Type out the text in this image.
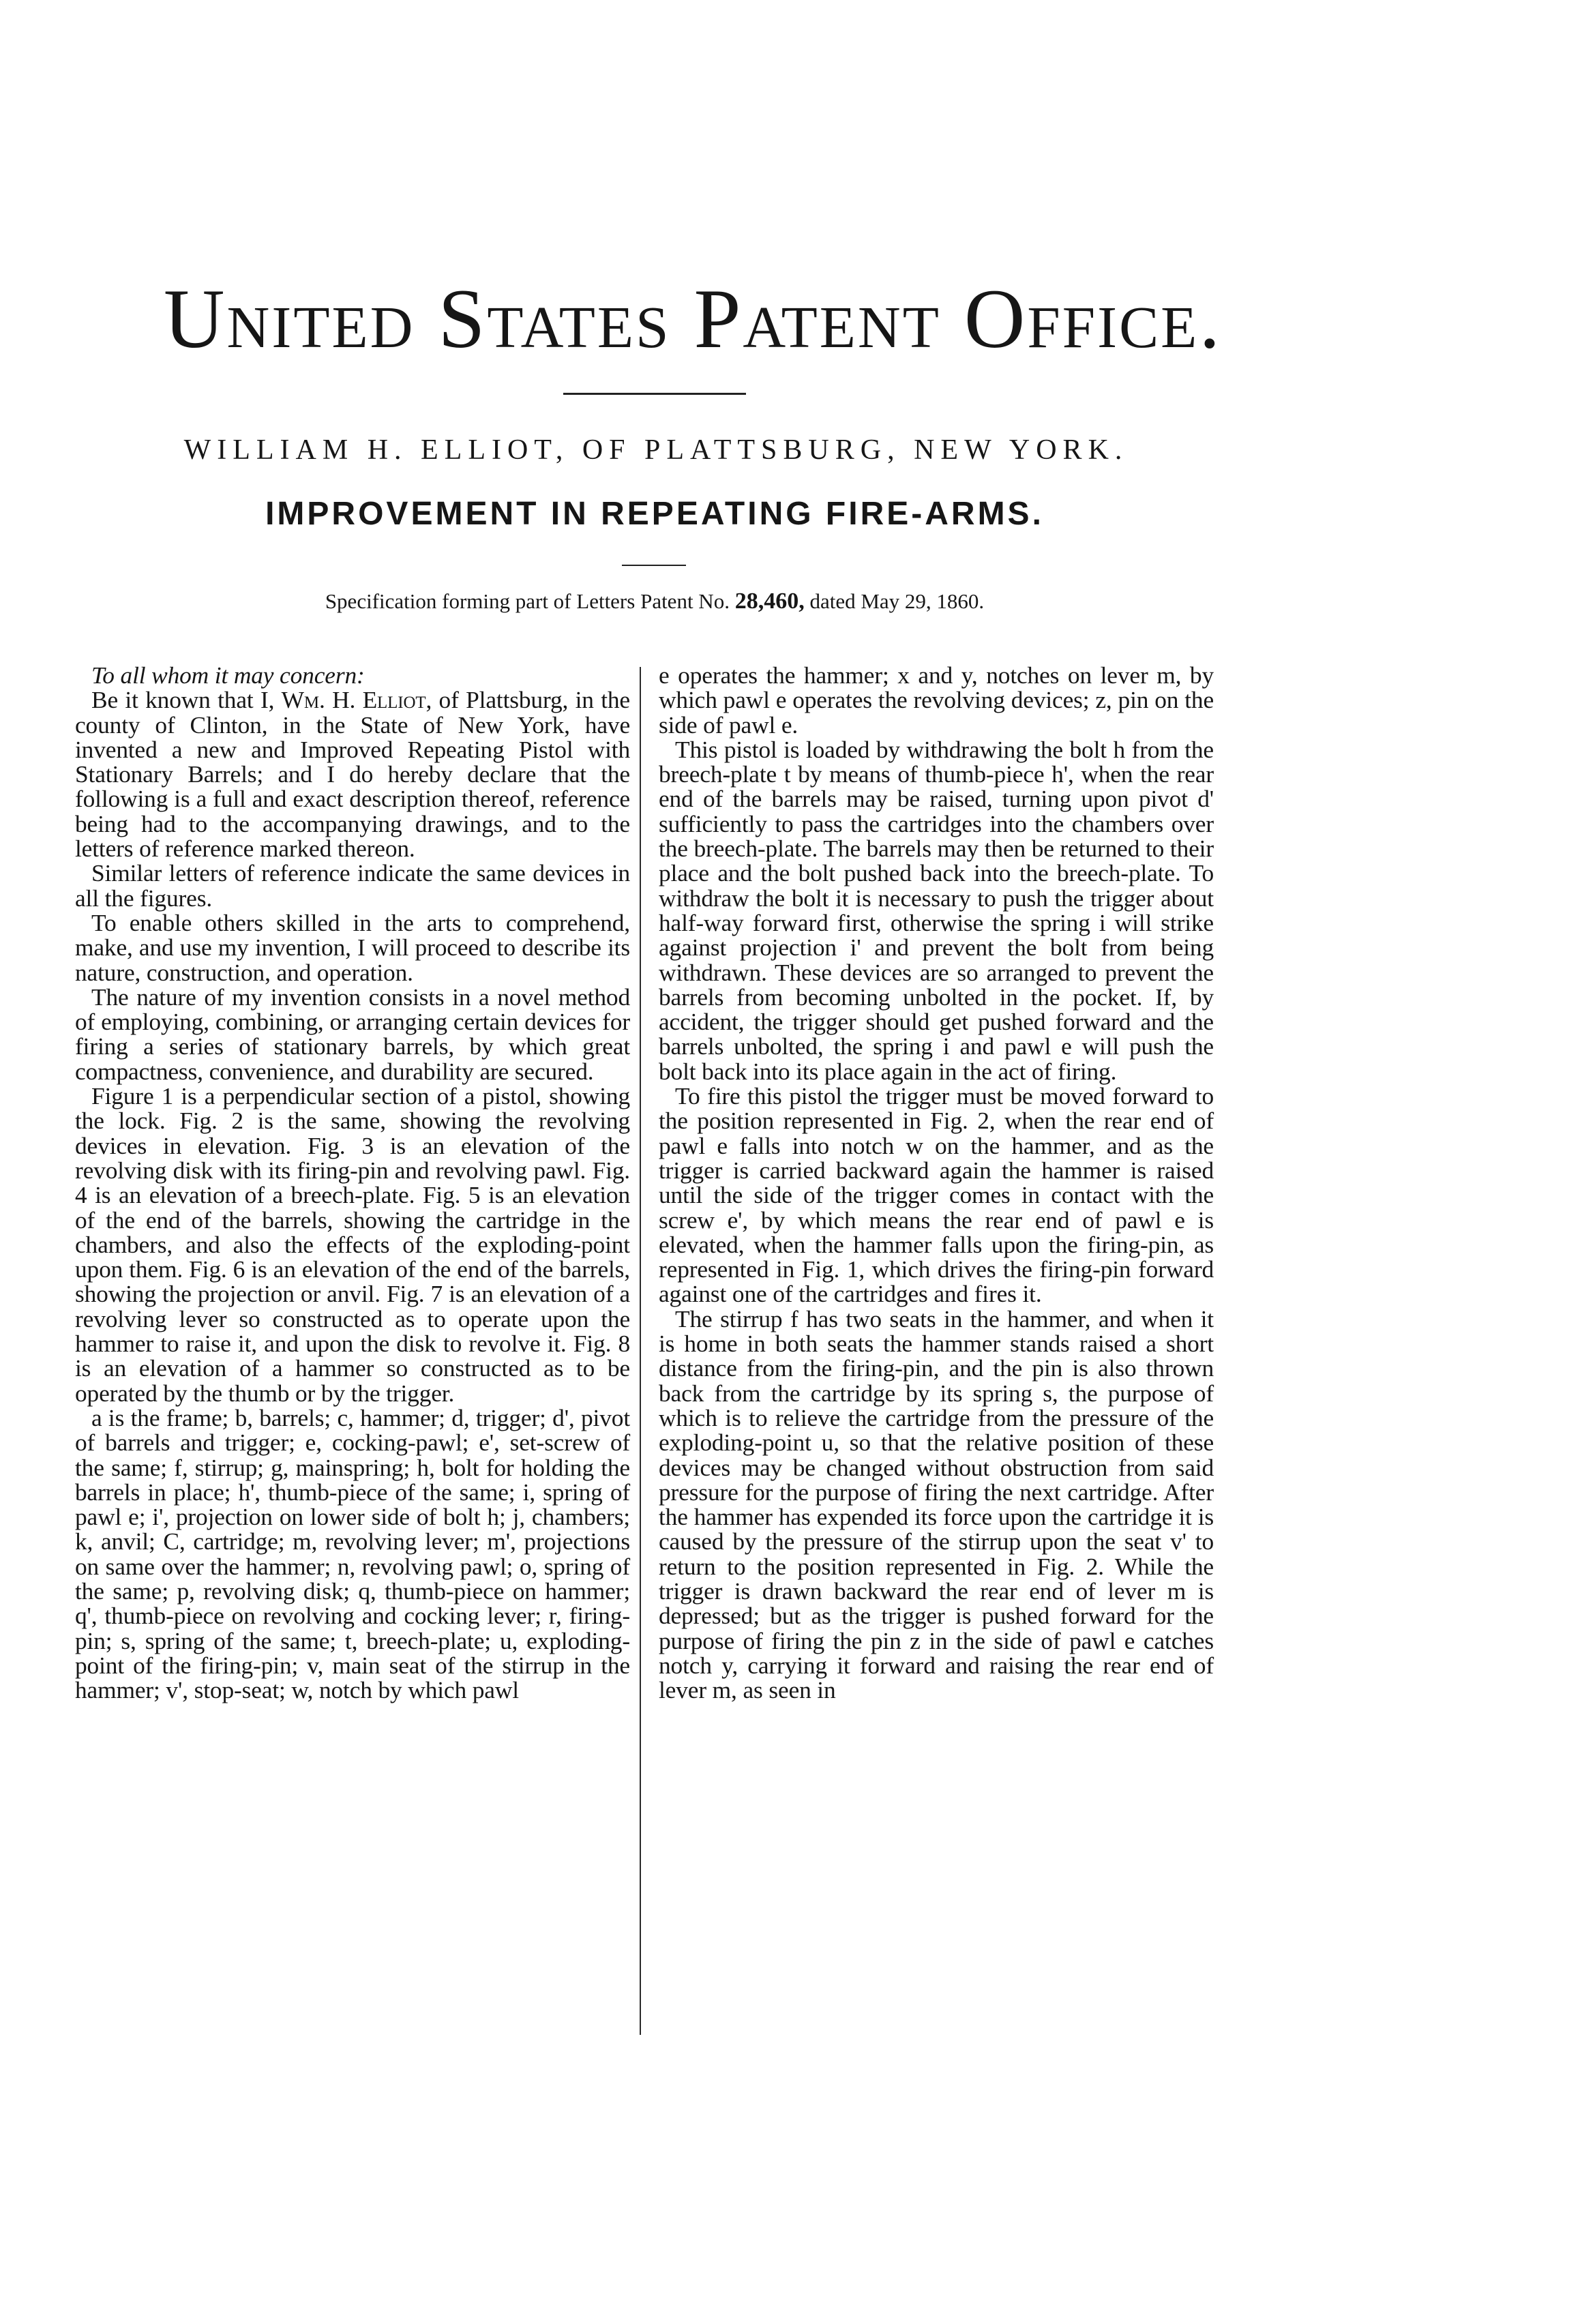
United States Patent Office.
WILLIAM H. ELLIOT, OF PLATTSBURG, NEW YORK.
IMPROVEMENT IN REPEATING FIRE-ARMS.
Specification forming part of Letters Patent No. 28,460, dated May 29, 1860.

To all whom it may concern:

Be it known that I, Wm. H. Elliot, of Plattsburg, in the county of Clinton, in the State of New York, have invented a new and Improved Repeating Pistol with Stationary Barrels; and I do hereby declare that the following is a full and exact description thereof, reference being had to the accompanying drawings, and to the letters of reference marked thereon.

Similar letters of reference indicate the same devices in all the figures.

To enable others skilled in the arts to comprehend, make, and use my invention, I will proceed to describe its nature, construction, and operation.

The nature of my invention consists in a novel method of employing, combining, or arranging certain devices for firing a series of stationary barrels, by which great compactness, convenience, and durability are secured.

Figure 1 is a perpendicular section of a pistol, showing the lock. Fig. 2 is the same, showing the revolving devices in elevation. Fig. 3 is an elevation of the revolving disk with its firing-pin and revolving pawl. Fig. 4 is an elevation of a breech-plate. Fig. 5 is an elevation of the end of the barrels, showing the cartridge in the chambers, and also the effects of the exploding-point upon them. Fig. 6 is an elevation of the end of the barrels, showing the projection or anvil. Fig. 7 is an elevation of a revolving lever so constructed as to operate upon the hammer to raise it, and upon the disk to revolve it. Fig. 8 is an elevation of a hammer so constructed as to be operated by the thumb or by the trigger.

a is the frame; b, barrels; c, hammer; d, trigger; d', pivot of barrels and trigger; e, cocking-pawl; e', set-screw of the same; f, stirrup; g, mainspring; h, bolt for holding the barrels in place; h', thumb-piece of the same; i, spring of pawl e; i', projection on lower side of bolt h; j, chambers; k, anvil; C, cartridge; m, revolving lever; m', projections on same over the hammer; n, revolving pawl; o, spring of the same; p, revolving disk; q, thumb-piece on hammer; q', thumb-piece on revolving and cocking lever; r, firing-pin; s, spring of the same; t, breech-plate; u, exploding-point of the firing-pin; v, main seat of the stirrup in the hammer; v', stop-seat; w, notch by which pawl

e operates the hammer; x and y, notches on lever m, by which pawl e operates the revolving devices; z, pin on the side of pawl e.

This pistol is loaded by withdrawing the bolt h from the breech-plate t by means of thumb-piece h', when the rear end of the barrels may be raised, turning upon pivot d' sufficiently to pass the cartridges into the chambers over the breech-plate. The barrels may then be returned to their place and the bolt pushed back into the breech-plate. To withdraw the bolt it is necessary to push the trigger about half-way forward first, otherwise the spring i will strike against projection i' and prevent the bolt from being withdrawn. These devices are so arranged to prevent the barrels from becoming unbolted in the pocket. If, by accident, the trigger should get pushed forward and the barrels unbolted, the spring i and pawl e will push the bolt back into its place again in the act of firing.

To fire this pistol the trigger must be moved forward to the position represented in Fig. 2, when the rear end of pawl e falls into notch w on the hammer, and as the trigger is carried backward again the hammer is raised until the side of the trigger comes in contact with the screw e', by which means the rear end of pawl e is elevated, when the hammer falls upon the firing-pin, as represented in Fig. 1, which drives the firing-pin forward against one of the cartridges and fires it.

The stirrup f has two seats in the hammer, and when it is home in both seats the hammer stands raised a short distance from the firing-pin, and the pin is also thrown back from the cartridge by its spring s, the purpose of which is to relieve the cartridge from the pressure of the exploding-point u, so that the relative position of these devices may be changed without obstruction from said pressure for the purpose of firing the next cartridge. After the hammer has expended its force upon the cartridge it is caused by the pressure of the stirrup upon the seat v' to return to the position represented in Fig. 2. While the trigger is drawn backward the rear end of lever m is depressed; but as the trigger is pushed forward for the purpose of firing the pin z in the side of pawl e catches notch y, carrying it forward and raising the rear end of lever m, as seen in
